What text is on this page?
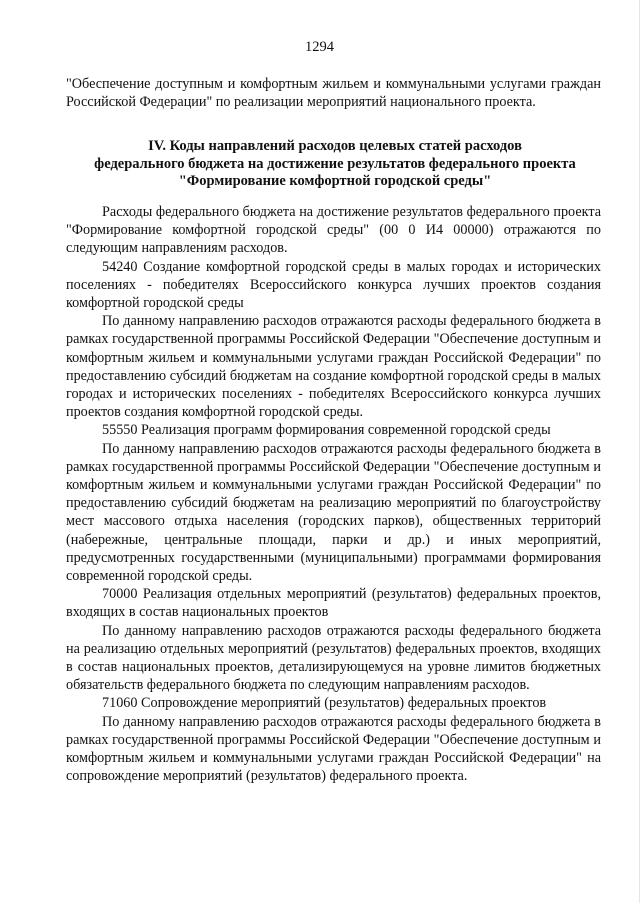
1294
"Обеспечение доступным и комфортным жильем и коммунальными услугами граждан Российской Федерации" по реализации мероприятий национального проекта.
IV. Коды направлений расходов целевых статей расходов
федерального бюджета на достижение результатов федерального проекта
"Формирование комфортной городской среды"

Расходы федерального бюджета на достижение результатов федерального проекта "Формирование комфортной городской среды" (00 0 И4 00000) отражаются по следующим направлениям расходов.

54240 Создание комфортной городской среды в малых городах и исторических поселениях - победителях Всероссийского конкурса лучших проектов создания комфортной городской среды

По данному направлению расходов отражаются расходы федерального бюджета в рамках государственной программы Российской Федерации "Обеспечение доступным и комфортным жильем и коммунальными услугами граждан Российской Федерации" по предоставлению субсидий бюджетам на создание комфортной городской среды в малых городах и исторических поселениях - победителях Всероссийского конкурса лучших проектов создания комфортной городской среды.

55550 Реализация программ формирования современной городской среды

По данному направлению расходов отражаются расходы федерального бюджета в рамках государственной программы Российской Федерации "Обеспечение доступным и комфортным жильем и коммунальными услугами граждан Российской Федерации" по предоставлению субсидий бюджетам на реализацию мероприятий по благоустройству мест массового отдыха населения (городских парков), общественных территорий (набережные, центральные площади, парки и др.) и иных мероприятий, предусмотренных государственными (муниципальными) программами формирования современной городской среды.

70000 Реализация отдельных мероприятий (результатов) федеральных проектов, входящих в состав национальных проектов

По данному направлению расходов отражаются расходы федерального бюджета на реализацию отдельных мероприятий (результатов) федеральных проектов, входящих в состав национальных проектов, детализирующемуся на уровне лимитов бюджетных обязательств федерального бюджета по следующим направлениям расходов.

71060 Сопровождение мероприятий (результатов) федеральных проектов

По данному направлению расходов отражаются расходы федерального бюджета в рамках государственной программы Российской Федерации "Обеспечение доступным и комфортным жильем и коммунальными услугами граждан Российской Федерации" на сопровождение мероприятий (результатов) федерального проекта.
